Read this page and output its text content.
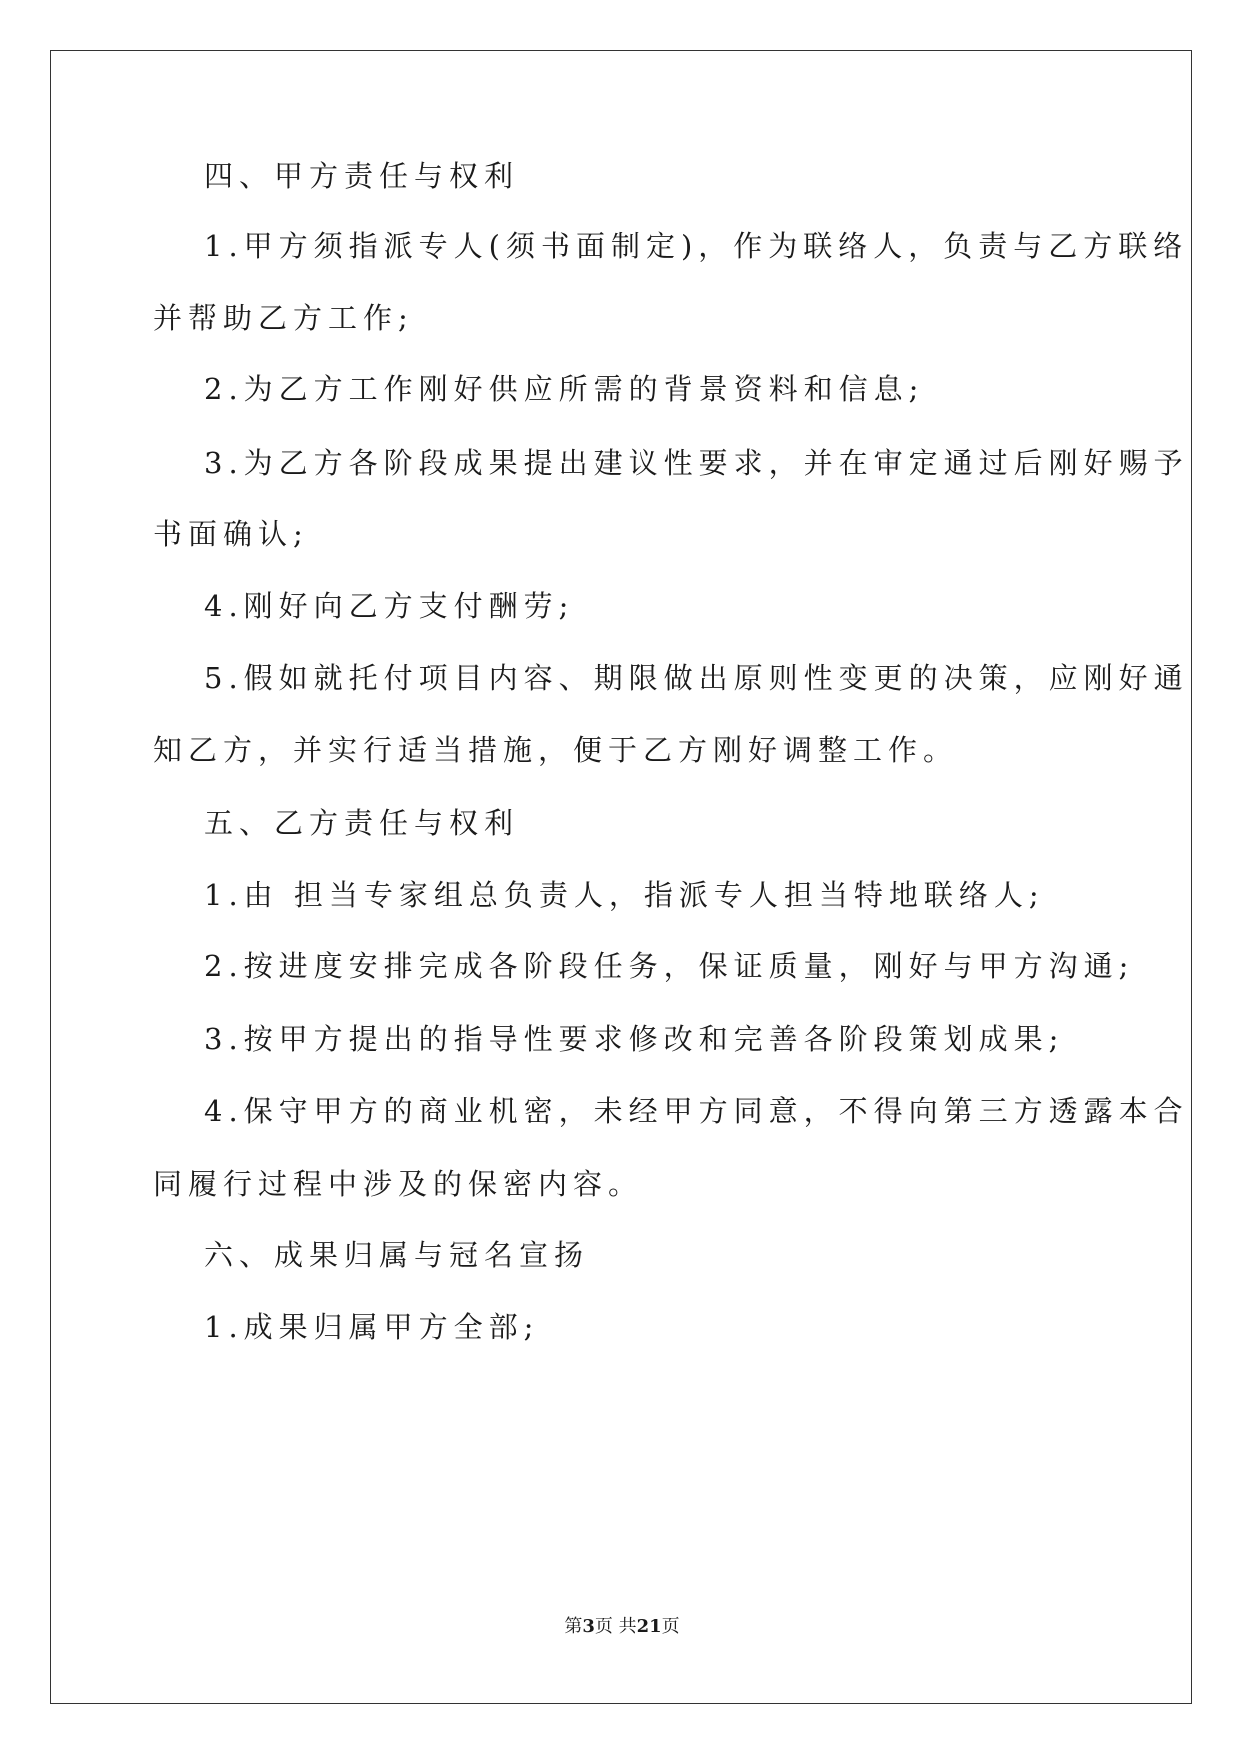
四、甲方责任与权利
1.甲方须指派专人(须书面制定)，作为联络人，负责与乙方联络
并帮助乙方工作;
2.为乙方工作刚好供应所需的背景资料和信息;
3.为乙方各阶段成果提出建议性要求，并在审定通过后刚好赐予
书面确认;
4.刚好向乙方支付酬劳;
5.假如就托付项目内容、期限做出原则性变更的决策，应刚好通
知乙方，并实行适当措施，便于乙方刚好调整工作。
五、乙方责任与权利
1.由 担当专家组总负责人，指派专人担当特地联络人;
2.按进度安排完成各阶段任务，保证质量，刚好与甲方沟通;
3.按甲方提出的指导性要求修改和完善各阶段策划成果;
4.保守甲方的商业机密，未经甲方同意，不得向第三方透露本合
同履行过程中涉及的保密内容。
六、成果归属与冠名宣扬
1.成果归属甲方全部;
第3页 共21页
